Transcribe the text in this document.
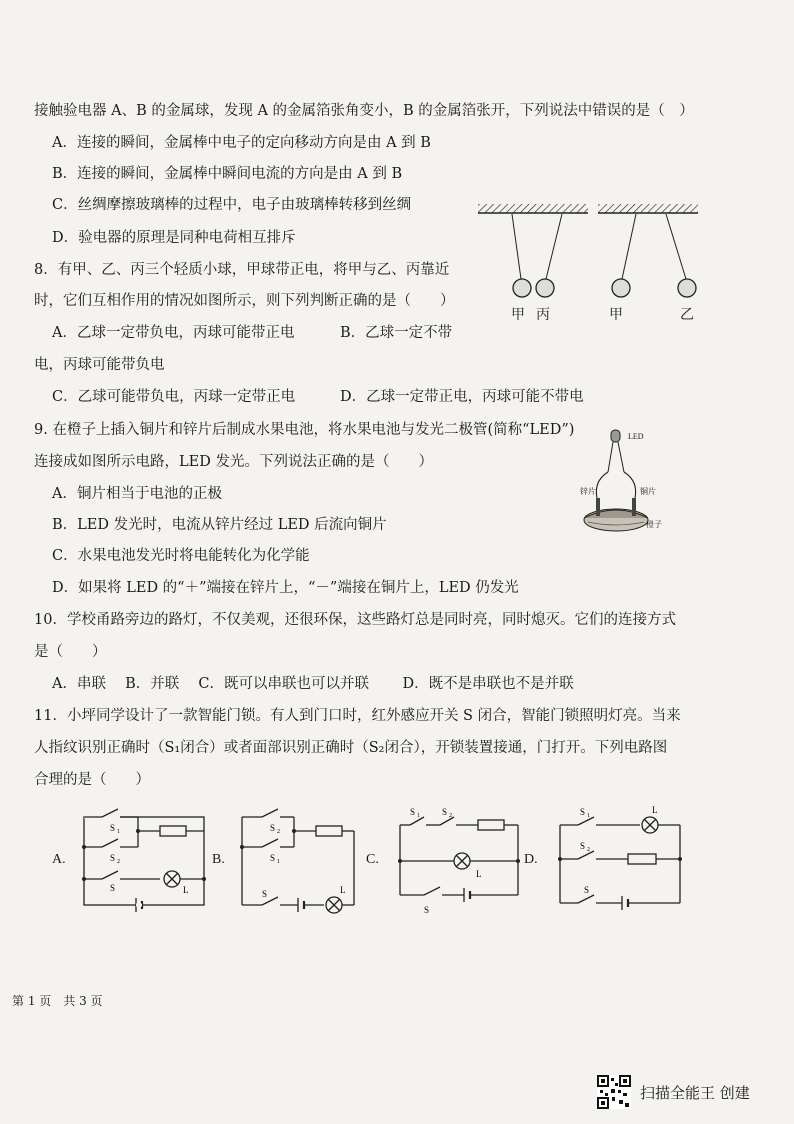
接触验电器 A、B 的金属球，发现 A 的金属箔张角变小，B 的金属箔张开，下列说法中错误的是（　）
A．连接的瞬间，金属棒中电子的定向移动方向是由 A 到 B
B．连接的瞬间，金属棒中瞬间电流的方向是由 A 到 B
C．丝绸摩擦玻璃棒的过程中，电子由玻璃棒转移到丝绸
D．验电器的原理是同种电荷相互排斥
8．有甲、乙、丙三个轻质小球，甲球带正电，将甲与乙、丙靠近
时，它们互相作用的情况如图所示，则下列判断正确的是（　　）
A．乙球一定带负电，丙球可能带正电	B．乙球一定不带
电，丙球可能带负电
C．乙球可能带负电，丙球一定带正电	D．乙球一定带正电，丙球可能不带电
甲 丙	甲	乙
9. 在橙子上插入铜片和锌片后制成水果电池，将水果电池与发光二极管(简称“LED”)
连接成如图所示电路，LED 发光。下列说法正确的是（　　）
A．铜片相当于电池的正极
B．LED 发光时，电流从锌片经过 LED 后流向铜片
C．水果电池发光时将电能转化为化学能
D．如果将 LED 的“＋”端接在锌片上，“－”端接在铜片上，LED 仍发光
LED
锌片	铜片
橙子
10．学校甬路旁边的路灯，不仅美观，还很环保，这些路灯总是同时亮，同时熄灭。它们的连接方式
是（　　）
A．串联　 B．并联　 C．既可以串联也可以并联　　 D．既不是串联也不是并联
11．小坪同学设计了一款智能门锁。有人到门口时，红外感应开关 S 闭合，智能门锁照明灯亮。当来
人指纹识别正确时（S₁闭合）或者面部识别正确时（S₂闭合），开锁装置接通，门打开。下列电路图
合理的是（　　）
A.	B.	C.	D.
S 1
S 2
S	L
S 2
S 1
S	L
S 1 S 2
L
S
S 1
S 2
S
L
第 1 页　共 3 页
扫描全能王 创建
